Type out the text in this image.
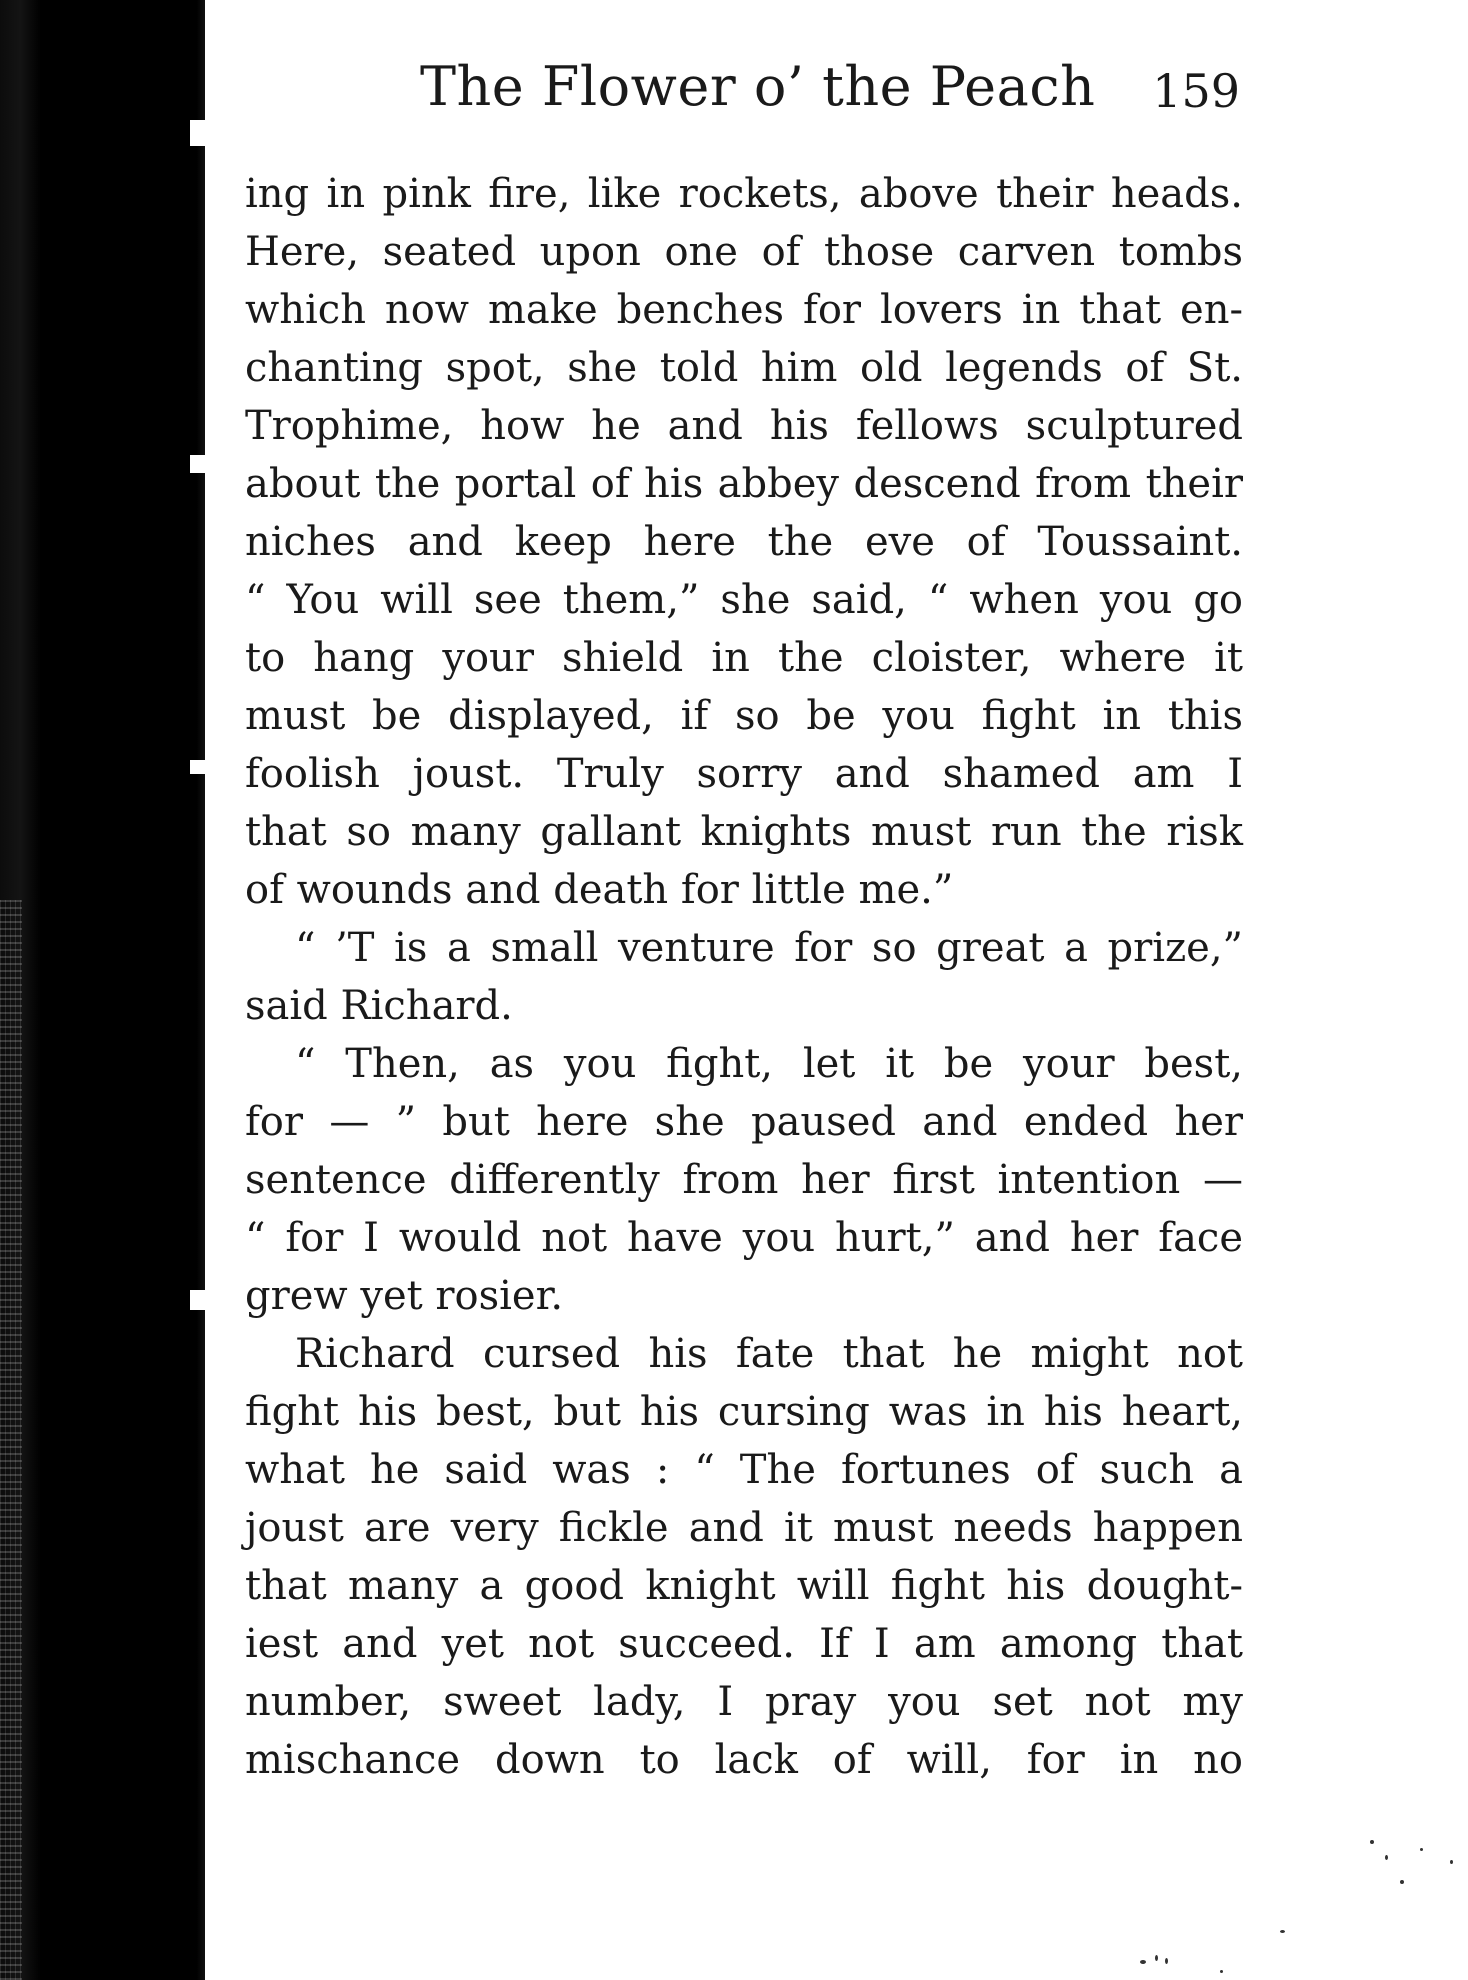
The Flower o’ the Peach 159
ing in pink fire, like rockets, above their heads.
Here, seated upon one of those carven tombs
which now make benches for lovers in that en-
chanting spot, she told him old legends of St.
Trophime, how he and his fellows sculptured
about the portal of his abbey descend from their
niches and keep here the eve of Toussaint.
“ You will see them,” she said, “ when you go
to hang your shield in the cloister, where it
must be displayed, if so be you fight in this
foolish joust. Truly sorry and shamed am I
that so many gallant knights must run the risk
of wounds and death for little me.”
“ ’T is a small venture for so great a prize,”
said Richard.
“ Then, as you fight, let it be your best,
for — ” but here she paused and ended her
sentence differently from her first intention —
“ for I would not have you hurt,” and her face
grew yet rosier.
Richard cursed his fate that he might not
fight his best, but his cursing was in his heart,
what he said was : “ The fortunes of such a
joust are very fickle and it must needs happen
that many a good knight will fight his dought-
iest and yet not succeed. If I am among that
number, sweet lady, I pray you set not my
mischance down to lack of will, for in no
